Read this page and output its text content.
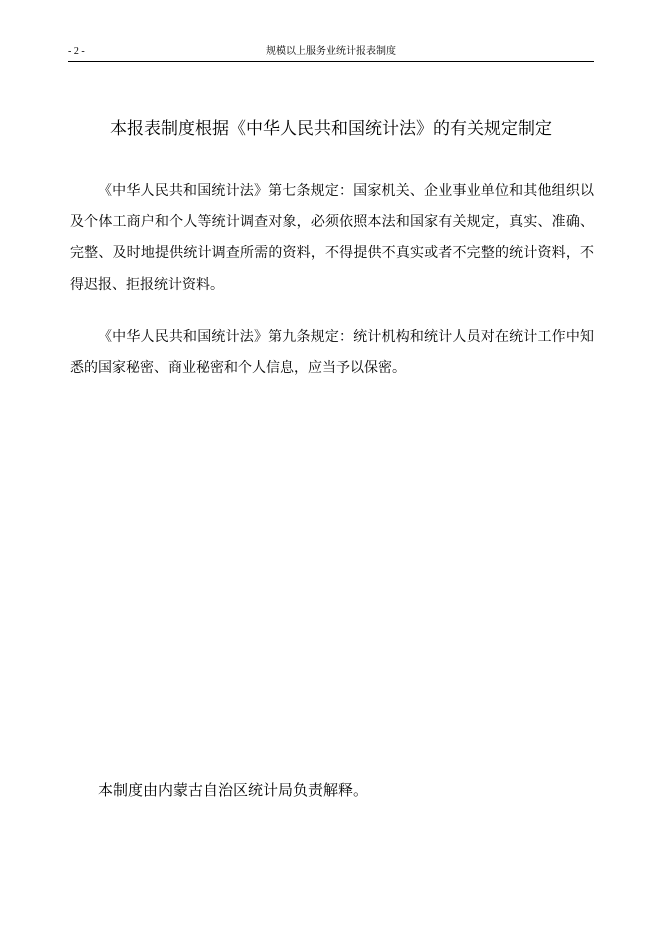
- 2 -	规模以上服务业统计报表制度
本报表制度根据《中华人民共和国统计法》的有关规定制定

《中华人民共和国统计法》第七条规定：国家机关、企业事业单位和其他组织以及个体工商户和个人等统计调查对象，必须依照本法和国家有关规定，真实、准确、完整、及时地提供统计调查所需的资料，不得提供不真实或者不完整的统计资料，不得迟报、拒报统计资料。

《中华人民共和国统计法》第九条规定：统计机构和统计人员对在统计工作中知悉的国家秘密、商业秘密和个人信息，应当予以保密。

本制度由内蒙古自治区统计局负责解释。
